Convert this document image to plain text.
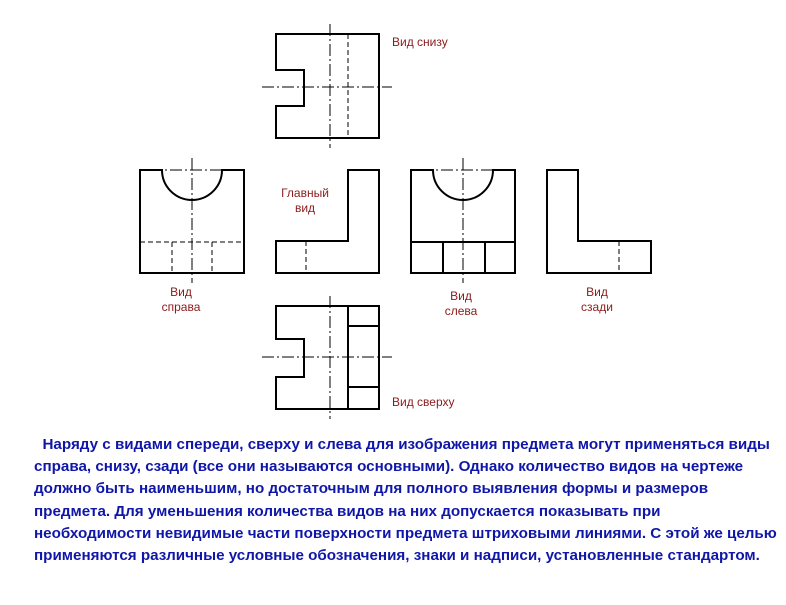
Вид снизу
Главный
вид
Вид
справа
Вид
слева
Вид
сзади
Вид сверху

Наряду с видами спереди, сверху и слева для изображения предмета могут применяться виды справа, снизу, сзади (все они называются основными). Однако количество видов на чертеже должно быть наименьшим, но достаточным для полного выявления формы и размеров предмета. Для уменьшения количества видов на них допускается показывать при необходимости невидимые части поверхности предмета штриховыми линиями. С этой же целью применяются различные условные обозначения, знаки и надписи, установленные стандартом.
